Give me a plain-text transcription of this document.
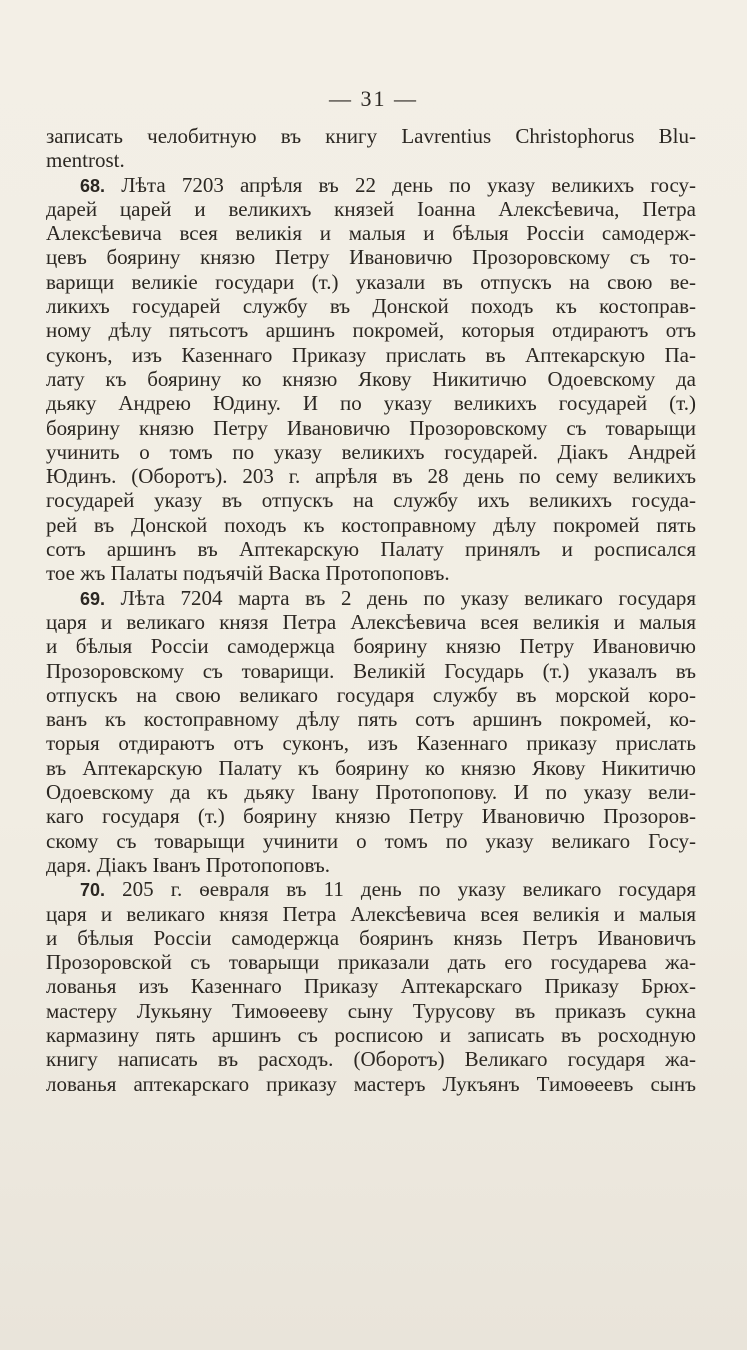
— 31 —
записать челобитную въ книгу Lavrentius Christophorus Blu-
mentrost.
68. Лѣта 7203 апрѣля въ 22 день по указу великихъ госу-
дарей царей и великихъ князей Іоанна Алексѣевича, Петра
Алексѣевича всея великія и малыя и бѣлыя Россіи самодерж-
цевъ боярину князю Петру Ивановичю Прозоровскому съ то-
варищи великіе государи (т.) указали въ отпускъ на свою ве-
ликихъ государей службу въ Донской походъ къ костоправ-
ному дѣлу пятьсотъ аршинъ покромей, которыя отдираютъ отъ
суконъ, изъ Казеннаго Приказу прислать въ Аптекарскую Па-
лату къ боярину ко князю Якову Никитичю Одоевскому да
дьяку Андрею Юдину. И по указу великихъ государей (т.)
боярину князю Петру Ивановичю Прозоровскому съ товарыщи
учинить о томъ по указу великихъ государей. Діакъ Андрей
Юдинъ. (Оборотъ). 203 г. апрѣля въ 28 день по сему великихъ
государей указу въ отпускъ на службу ихъ великихъ госуда-
рей въ Донской походъ къ костоправному дѣлу покромей пять
сотъ аршинъ въ Аптекарскую Палату принялъ и росписался
тое жъ Палаты подъячій Васка Протопоповъ.
69. Лѣта 7204 марта въ 2 день по указу великаго государя
царя и великаго князя Петра Алексѣевича всея великія и малыя
и бѣлыя Россіи самодержца боярину князю Петру Ивановичю
Прозоровскому съ товарищи. Великій Государь (т.) указалъ въ
отпускъ на свою великаго государя службу въ морской коро-
ванъ къ костоправному дѣлу пять сотъ аршинъ покромей, ко-
торыя отдираютъ отъ суконъ, изъ Казеннаго приказу прислать
въ Аптекарскую Палату къ боярину ко князю Якову Никитичю
Одоевскому да къ дьяку Івану Протопопову. И по указу вели-
каго государя (т.) боярину князю Петру Ивановичю Прозоров-
скому съ товарыщи учинити о томъ по указу великаго Госу-
даря. Діакъ Іванъ Протопоповъ.
70. 205 г. ѳевраля въ 11 день по указу великаго государя
царя и великаго князя Петра Алексѣевича всея великія и малыя
и бѣлыя Россіи самодержца бояринъ князь Петръ Ивановичъ
Прозоровской съ товарыщи приказали дать его государева жа-
лованья изъ Казеннаго Приказу Аптекарскаго Приказу Брюх-
мастеру Лукьяну Тимоѳееву сыну Турусову въ приказъ сукна
кармазину пять аршинъ съ росписою и записать въ росходную
книгу написать въ расходъ. (Оборотъ) Великаго государя жа-
лованья аптекарскаго приказу мастеръ Лукъянъ Тимоѳеевъ сынъ
